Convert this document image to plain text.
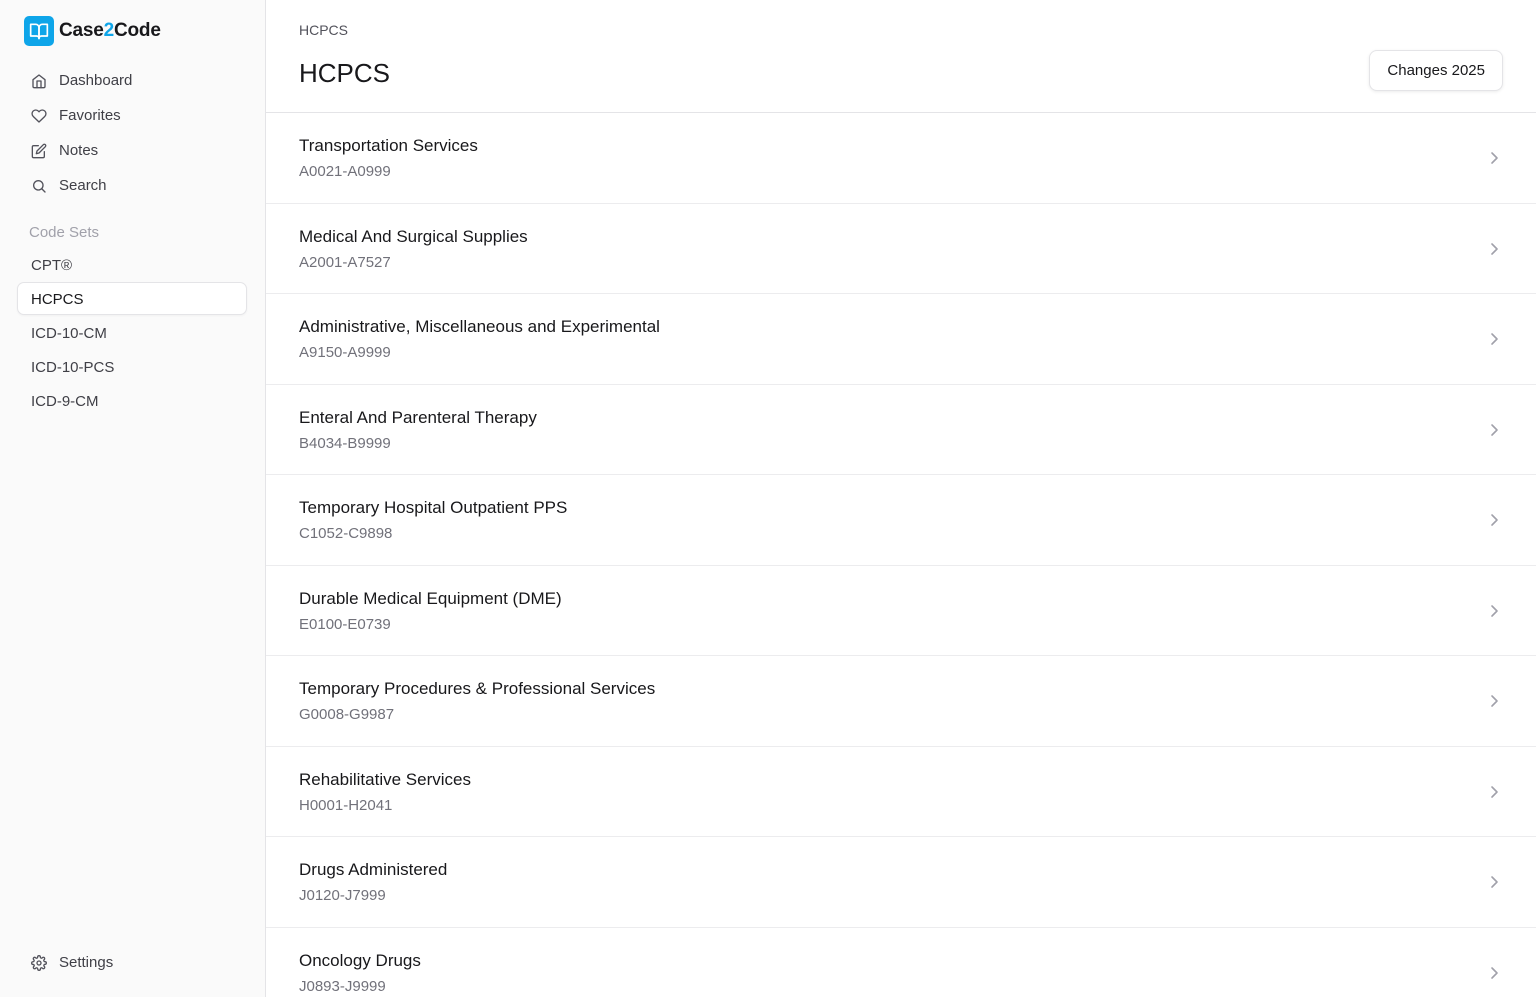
Case2Code
Dashboard
Favorites
Notes
Search
Code Sets
CPT®
HCPCS
ICD-10-CM
ICD-10-PCS
ICD-9-CM
Settings
HCPCS
HCPCS	Changes 2025
Transportation Services
A0021-A0999
Medical And Surgical Supplies
A2001-A7527
Administrative, Miscellaneous and Experimental
A9150-A9999
Enteral And Parenteral Therapy
B4034-B9999
Temporary Hospital Outpatient PPS
C1052-C9898
Durable Medical Equipment (DME)
E0100-E0739
Temporary Procedures & Professional Services
G0008-G9987
Rehabilitative Services
H0001-H2041
Drugs Administered
J0120-J7999
Oncology Drugs
J0893-J9999
